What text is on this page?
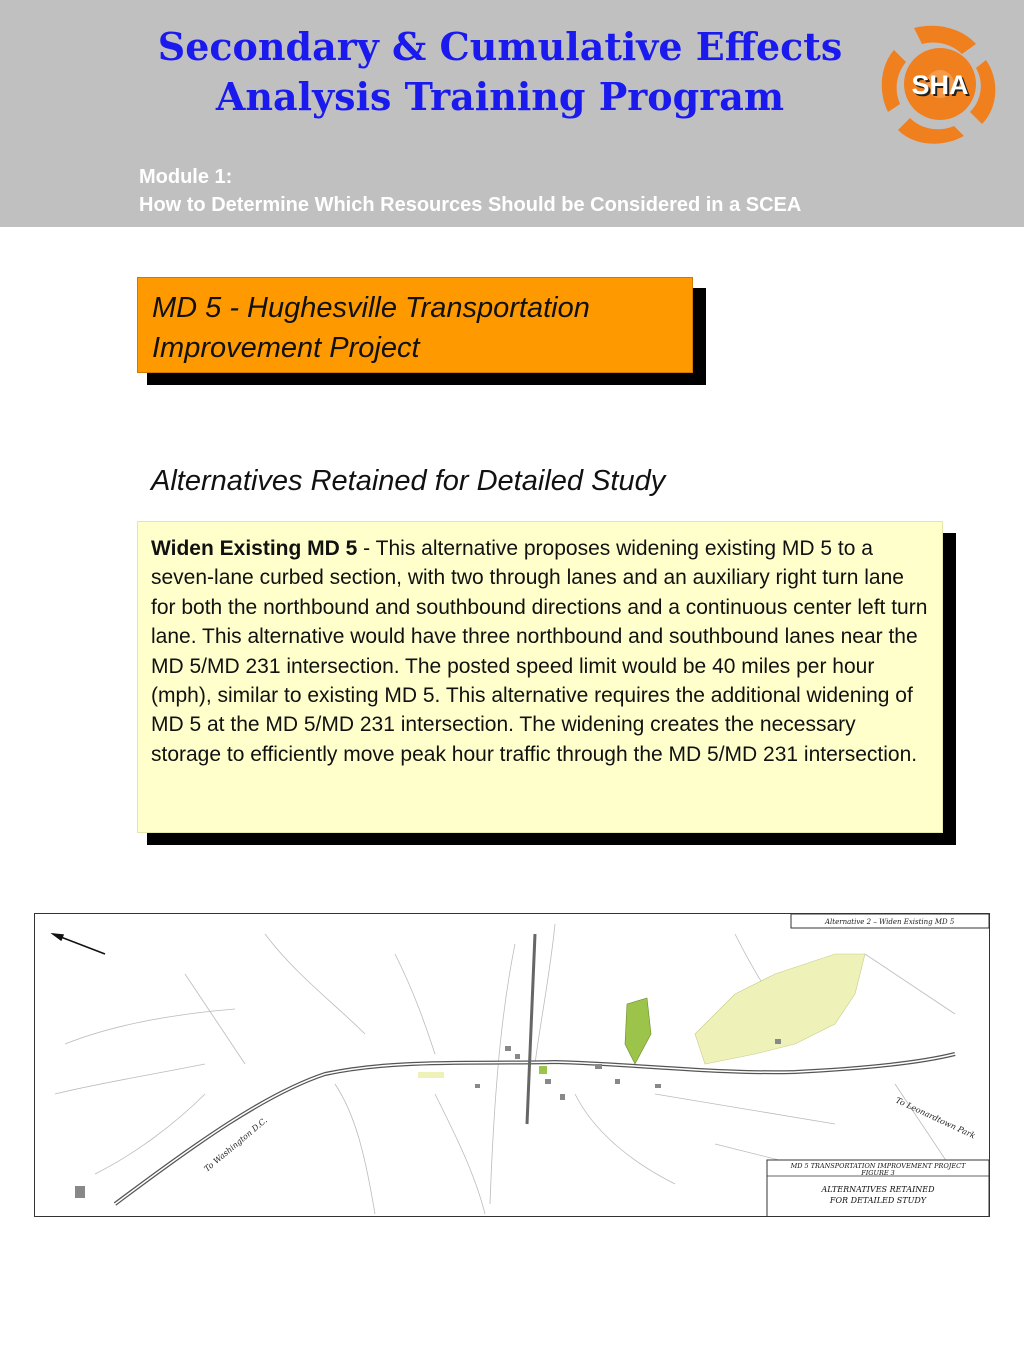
Secondary & Cumulative Effects
Analysis Training Program	SHA
Module 1:
How to Determine Which Resources Should be Considered in a SCEA
MD 5 - Hughesville Transportation
Improvement Project
Alternatives Retained for Detailed Study
Widen Existing MD 5 - This alternative proposes widening existing MD 5 to a seven-lane curbed section, with two through lanes and an auxiliary right turn lane for both the northbound and southbound directions and a continuous center left turn lane. This alternative would have three northbound and southbound lanes near the MD 5/MD 231 intersection. The posted speed limit would be 40 miles per hour (mph), similar to existing MD 5. This alternative requires the additional widening of MD 5 at the MD 5/MD 231 intersection. The widening creates the necessary storage to efficiently move peak hour traffic through the MD 5/MD 231 intersection.
Alternative 2 – Widen Existing MD 5
To Washington D.C.	To Leonardtown Park
MD 5 TRANSPORTATION IMPROVEMENT PROJECT
FIGURE 3
ALTERNATIVES RETAINED
FOR DETAILED STUDY
